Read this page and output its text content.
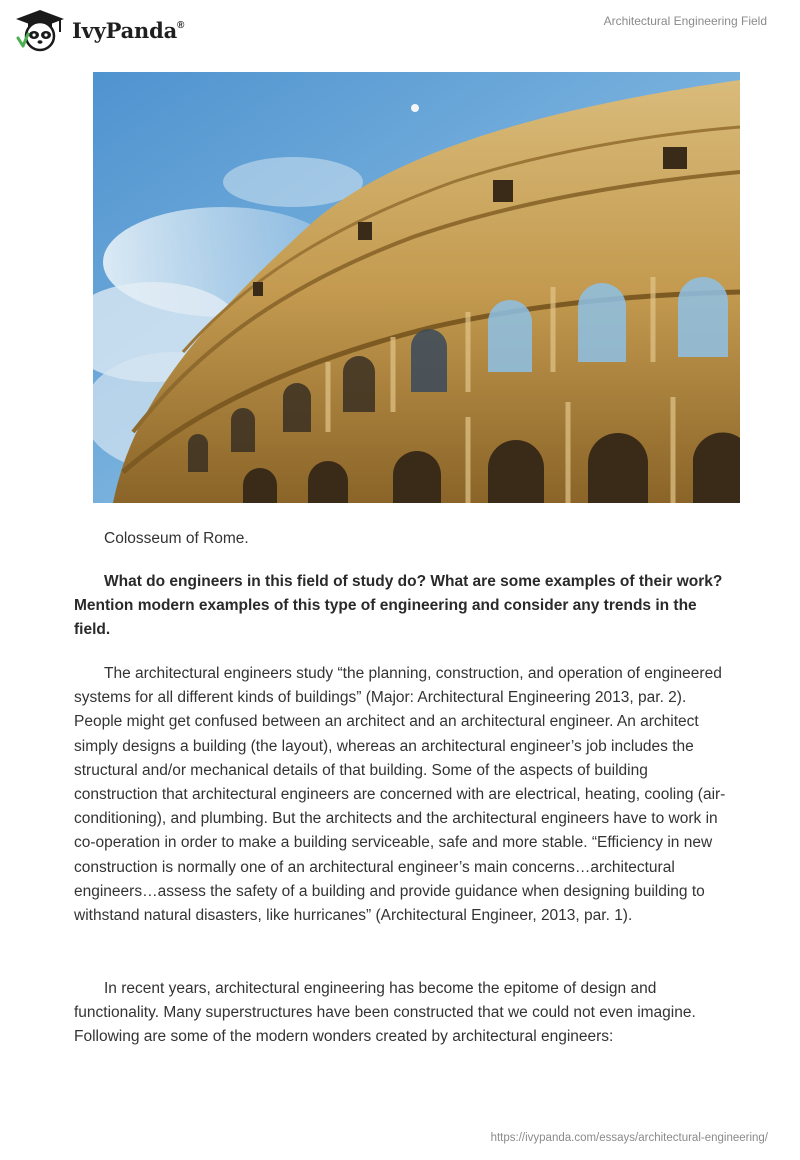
IvyPanda®	Architectural Engineering Field
Colosseum of Rome.
What do engineers in this field of study do? What are some examples of their work? Mention modern examples of this type of engineering and consider any trends in the field.

The architectural engineers study “the planning, construction, and operation of engineered systems for all different kinds of buildings” (Major: Architectural Engineering 2013, par. 2). People might get confused between an architect and an architectural engineer. An architect simply designs a building (the layout), whereas an architectural engineer’s job includes the structural and/or mechanical details of that building. Some of the aspects of building construction that architectural engineers are concerned with are electrical, heating, cooling (air-conditioning), and plumbing. But the architects and the architectural engineers have to work in co-operation in order to make a building serviceable, safe and more stable. “Efficiency in new construction is normally one of an architectural engineer’s main concerns…architectural engineers…assess the safety of a building and provide guidance when designing building to withstand natural disasters, like hurricanes” (Architectural Engineer, 2013, par. 1).

In recent years, architectural engineering has become the epitome of design and functionality. Many superstructures have been constructed that we could not even imagine. Following are some of the modern wonders created by architectural engineers:

https://ivypanda.com/essays/architectural-engineering/
